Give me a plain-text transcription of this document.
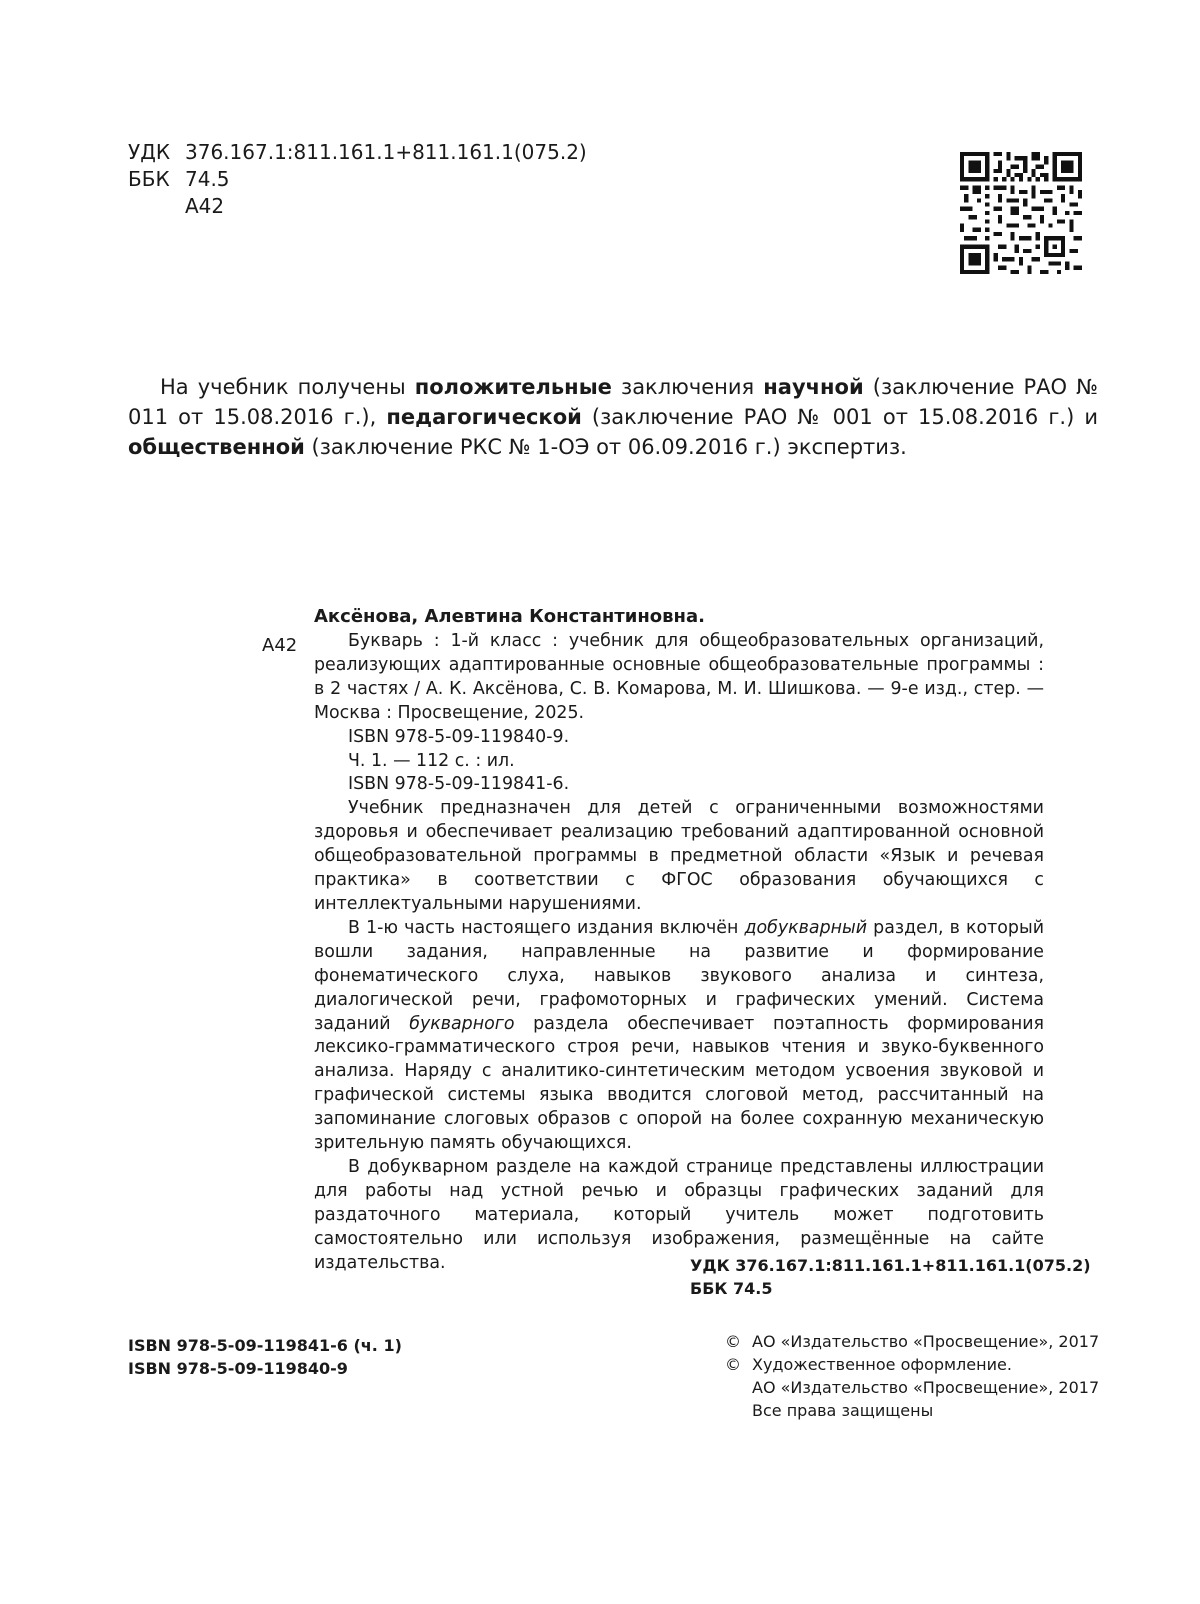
УДК 376.167.1:811.161.1+811.161.1(075.2)
ББК 74.5
А42
На учебник получены положительные заключения научной (заключение РАО № 011 от 15.08.2016 г.), педагогической (заключение РАО № 001 от 15.08.2016 г.) и общественной (заключение РКС № 1-ОЭ от 06.09.2016 г.) экспертиз.
Аксёнова, Алевтина Константиновна.
А42	Букварь : 1-й класс : учебник для общеобразовательных организаций, реализующих адаптированные основные общеобразовательные программы : в 2 частях / А. К. Аксёнова, С. В. Комарова, М. И. Шишкова. — 9-е изд., стер. — Москва : Просвещение, 2025.

ISBN 978-5-09-119840-9.

Ч. 1. — 112 с. : ил.

ISBN 978-5-09-119841-6.

Учебник предназначен для детей с ограниченными возможностями здоровья и обеспечивает реализацию требований адаптированной основной общеобразовательной программы в предметной области «Язык и речевая практика» в соответствии с ФГОС образования обучающихся с интеллектуальными нарушениями.

В 1-ю часть настоящего издания включён добукварный раздел, в который вошли задания, направленные на развитие и формирование фонематического слуха, навыков звукового анализа и синтеза, диалогической речи, графомоторных и графических умений. Система заданий букварного раздела обеспечивает поэтапность формирования лексико-грамматического строя речи, навыков чтения и звуко-буквенного анализа. Наряду с аналитико-синтетическим методом усвоения звуковой и графической системы языка вводится слоговой метод, рассчитанный на запоминание слоговых образов с опорой на более сохранную механическую зрительную память обучающихся.

В добукварном разделе на каждой странице представлены иллюстрации для работы над устной речью и образцы графических заданий для раздаточного материала, который учитель может подготовить самостоятельно или используя изображения, размещённые на сайте издательства.	УДК 376.167.1:811.161.1+811.161.1(075.2)
ББК 74.5
ISBN 978-5-09-119841-6 (ч. 1)
ISBN 978-5-09-119840-9
© АО «Издательство «Просвещение», 2017
© Художественное оформление.
АО «Издательство «Просвещение», 2017
Все права защищены
